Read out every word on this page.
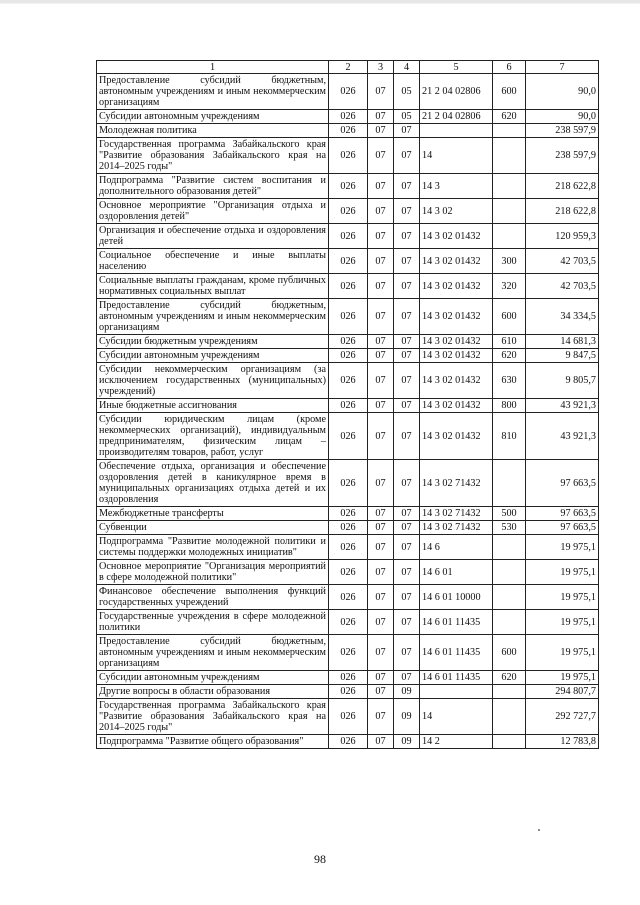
1	2	3	4	5	6	7
Предоставление субсидий бюджетным, автономным учреждениям и иным некоммерческим организациям	026	07	05	21 2 04 02806	600	90,0
Субсидии автономным учреждениям	026	07	05	21 2 04 02806	620	90,0
Молодежная политика	026	07	07			238 597,9
Государственная программа Забайкальского края "Развитие образования Забайкальского края на 2014–2025 годы"	026	07	07	14		238 597,9
Подпрограмма "Развитие систем воспитания и дополнительного образования детей"	026	07	07	14 3		218 622,8
Основное мероприятие "Организация отдыха и оздоровления детей"	026	07	07	14 3 02		218 622,8
Организация и обеспечение отдыха и оздоровления детей	026	07	07	14 3 02 01432		120 959,3
Социальное обеспечение и иные выплаты населению	026	07	07	14 3 02 01432	300	42 703,5
Социальные выплаты гражданам, кроме публичных нормативных социальных выплат	026	07	07	14 3 02 01432	320	42 703,5
Предоставление субсидий бюджетным, автономным учреждениям и иным некоммерческим организациям	026	07	07	14 3 02 01432	600	34 334,5
Субсидии бюджетным учреждениям	026	07	07	14 3 02 01432	610	14 681,3
Субсидии автономным учреждениям	026	07	07	14 3 02 01432	620	9 847,5
Субсидии некоммерческим организациям (за исключением государственных (муниципальных) учреждений)	026	07	07	14 3 02 01432	630	9 805,7
Иные бюджетные ассигнования	026	07	07	14 3 02 01432	800	43 921,3
Субсидии юридическим лицам (кроме некоммерческих организаций), индивидуальным предпринимателям, физическим лицам – производителям товаров, работ, услуг	026	07	07	14 3 02 01432	810	43 921,3
Обеспечение отдыха, организация и обеспечение оздоровления детей в каникулярное время в муниципальных организациях отдыха детей и их оздоровления	026	07	07	14 3 02 71432		97 663,5
Межбюджетные трансферты	026	07	07	14 3 02 71432	500	97 663,5
Субвенции	026	07	07	14 3 02 71432	530	97 663,5
Подпрограмма "Развитие молодежной политики и системы поддержки молодежных инициатив"	026	07	07	14 6		19 975,1
Основное мероприятие "Организация мероприятий в сфере молодежной политики"	026	07	07	14 6 01		19 975,1
Финансовое обеспечение выполнения функций государственных учреждений	026	07	07	14 6 01 10000		19 975,1
Государственные учреждения в сфере молодежной политики	026	07	07	14 6 01 11435		19 975,1
Предоставление субсидий бюджетным, автономным учреждениям и иным некоммерческим организациям	026	07	07	14 6 01 11435	600	19 975,1
Субсидии автономным учреждениям	026	07	07	14 6 01 11435	620	19 975,1
Другие вопросы в области образования	026	07	09			294 807,7
Государственная программа Забайкальского края "Развитие образования Забайкальского края на 2014–2025 годы"	026	07	09	14		292 727,7
Подпрограмма "Развитие общего образования"	026	07	09	14 2		12 783,8
98
